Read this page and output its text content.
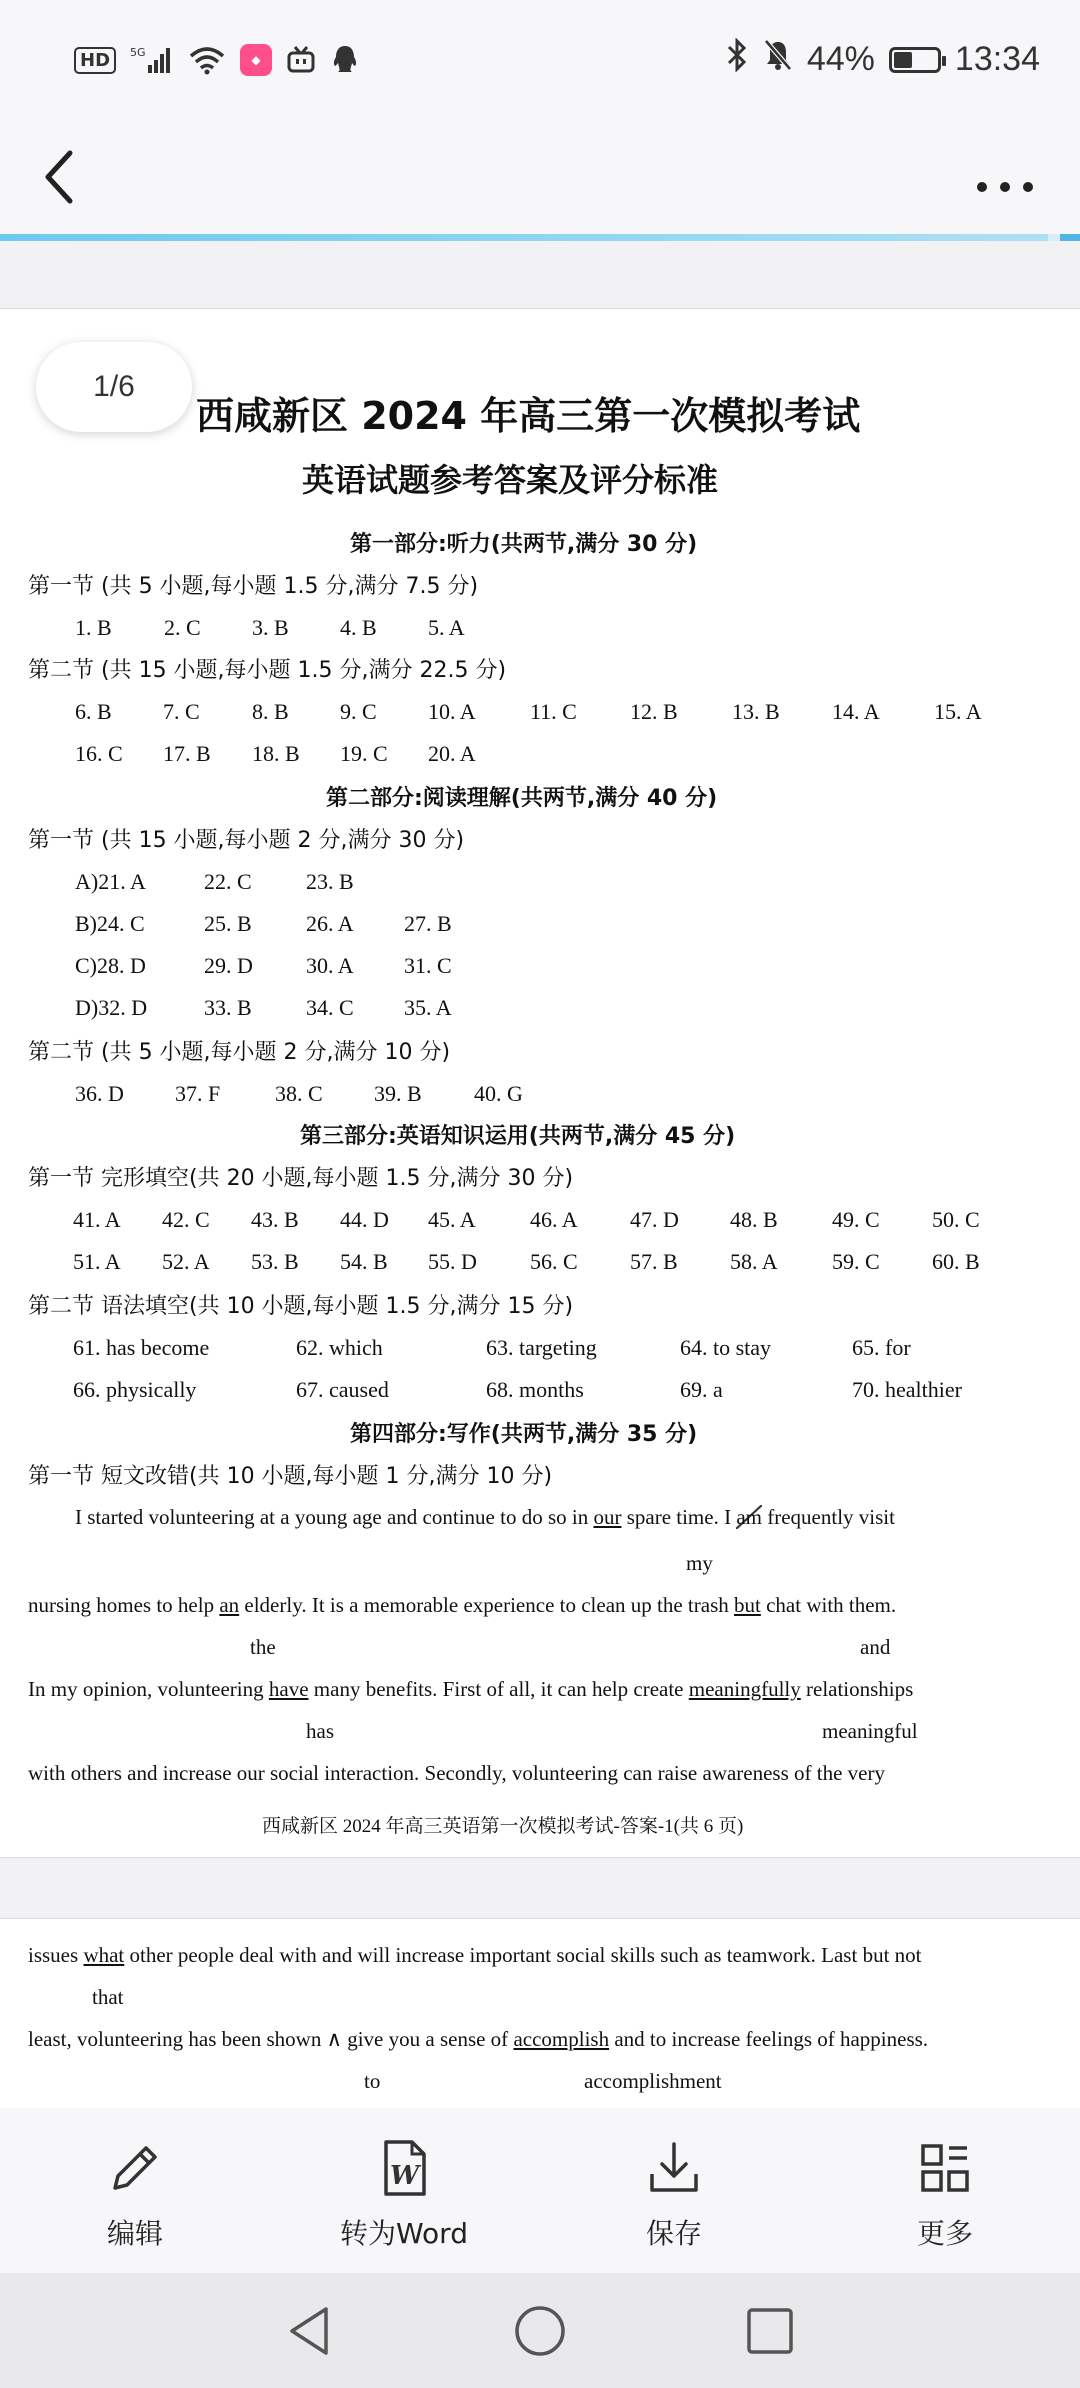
HD	5G
◆	44% 13:34
西咸新区 2024 年高三第一次模拟考试
英语试题参考答案及评分标准
第一部分:听力(共两节,满分 30 分)
第一节 (共 5 小题,每小题 1.5 分,满分 7.5 分)
1. B 2. C 3. B 4. B 5. A
第二节 (共 15 小题,每小题 1.5 分,满分 22.5 分)
6. B 7. C 8. B 9. C 10. A 11. C 12. B 13. B 14. A 15. A
16. C 17. B 18. B 19. C 20. A
第二部分:阅读理解(共两节,满分 40 分)
第一节 (共 15 小题,每小题 2 分,满分 30 分)
A)21. A	22. C 23. B
B)24. C	25. B 26. A 27. B
C)28. D	29. D 30. A 31. C
D)32. D	33. B 34. C 35. A
第二节 (共 5 小题,每小题 2 分,满分 10 分)
36. D 37. F 38. C 39. B 40. G
第三部分:英语知识运用(共两节,满分 45 分)
第一节 完形填空(共 20 小题,每小题 1.5 分,满分 30 分)
41. A 42. C 43. B 44. D 45. A 46. A 47. D 48. B 49. C 50. C
51. A 52. A 53. B 54. B 55. D 56. C 57. B 58. A 59. C 60. B
第二节 语法填空(共 10 小题,每小题 1.5 分,满分 15 分)
61. has become	62. which	63. targeting	64. to stay	65. for
66. physically	67. caused	68. months	69. a	70. healthier
第四部分:写作(共两节,满分 35 分)
第一节 短文改错(共 10 小题,每小题 1 分,满分 10 分)
I started volunteering at a young age and continue to do so in our spare time. I am frequently visit
my
nursing homes to help an elderly. It is a memorable experience to clean up the trash but chat with them.
the	and
In my opinion, volunteering have many benefits. First of all, it can help create meaningfully relationships
has	meaningful
with others and increase our social interaction. Secondly, volunteering can raise awareness of the very
西咸新区 2024 年高三英语第一次模拟考试-答案-1(共 6 页)
1/6
issues what other people deal with and will increase important social skills such as teamwork. Last but not
that
least, volunteering has been shown ∧ give you a sense of accomplish and to increase feelings of happiness.
to	accomplishment
编辑
W
转为Word	保存	更多
